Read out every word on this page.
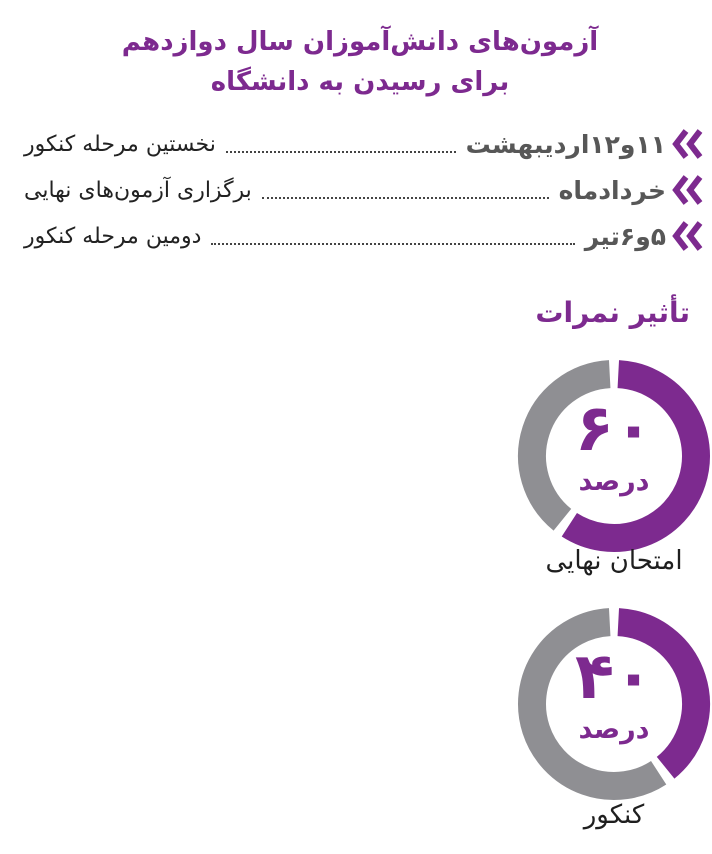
آزمون‌های دانش‌آموزان سال دوازدهم
برای رسیدن به دانشگاه
۱۱و۱۲اردیبهشت
نخستین مرحله کنکور
خردادماه
برگزاری آزمون‌های نهایی
۵و۶تیر
دومین مرحله کنکور
تأثیر نمرات
۶۰
درصد
امتحان نهایی
۴۰
درصد
کنکور
